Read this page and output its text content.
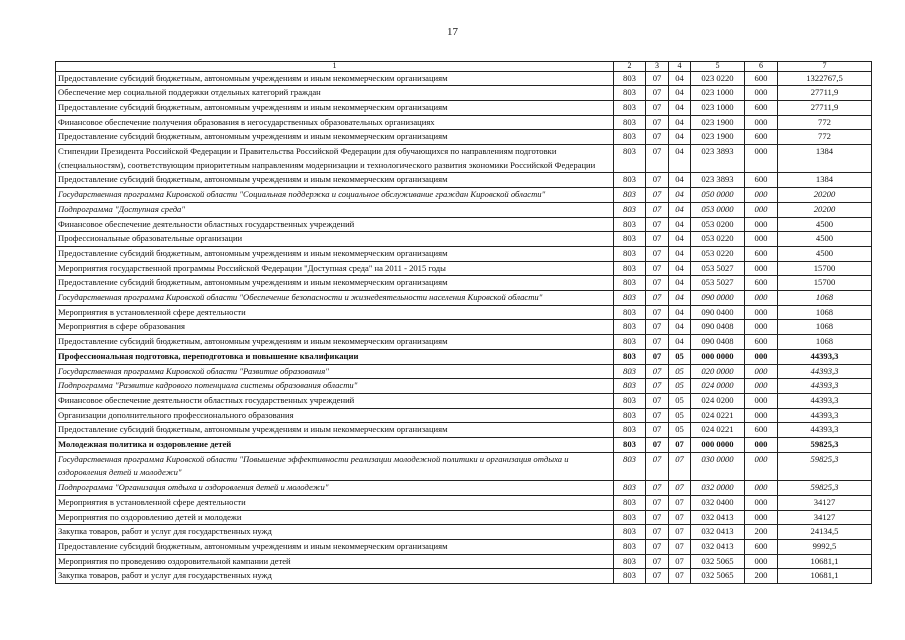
17
1	2	3	4	5	6	7
Предоставление субсидий бюджетным, автономным учреждениям и иным некоммерческим организациям	803	07	04	023 0220	600	1322767,5
Обеспечение мер социальной поддержки отдельных категорий граждан	803	07	04	023 1000	000	27711,9
Предоставление субсидий бюджетным, автономным учреждениям и иным некоммерческим организациям	803	07	04	023 1000	600	27711,9
Финансовое обеспечение получения образования в негосударственных образовательных организациях	803	07	04	023 1900	000	772
Предоставление субсидий бюджетным, автономным учреждениям и иным некоммерческим организациям	803	07	04	023 1900	600	772
Стипендии Президента Российской Федерации и Правительства Российской Федерации для обучающихся по направлениям подготовки (специальностям), соответствующим приоритетным направлениям модернизации и технологического развития экономики Российской Федерации	803	07	04	023 3893	000	1384
Предоставление субсидий бюджетным, автономным учреждениям и иным некоммерческим организациям	803	07	04	023 3893	600	1384
Государственная программа Кировской области "Социальная поддержка и социальное обслуживание граждан Кировской области"	803	07	04	050 0000	000	20200
Подпрограмма "Доступная среда"	803	07	04	053 0000	000	20200
Финансовое обеспечение деятельности областных государственных учреждений	803	07	04	053 0200	000	4500
Профессиональные образовательные организации	803	07	04	053 0220	000	4500
Предоставление субсидий бюджетным, автономным учреждениям и иным некоммерческим организациям	803	07	04	053 0220	600	4500
Мероприятия государственной программы Российской Федерации "Доступная среда" на 2011 - 2015 годы	803	07	04	053 5027	000	15700
Предоставление субсидий бюджетным, автономным учреждениям и иным некоммерческим организациям	803	07	04	053 5027	600	15700
Государственная программа Кировской области "Обеспечение безопасности и жизнедеятельности населения Кировской области"	803	07	04	090 0000	000	1068
Мероприятия в установленной сфере деятельности	803	07	04	090 0400	000	1068
Мероприятия в сфере образования	803	07	04	090 0408	000	1068
Предоставление субсидий бюджетным, автономным учреждениям и иным некоммерческим организациям	803	07	04	090 0408	600	1068
Профессиональная подготовка, переподготовка и повышение квалификации	803	07	05	000 0000	000	44393,3
Государственная программа Кировской области "Развитие образования"	803	07	05	020 0000	000	44393,3
Подпрограмма "Развитие кадрового потенциала системы образования области"	803	07	05	024 0000	000	44393,3
Финансовое обеспечение деятельности областных государственных учреждений	803	07	05	024 0200	000	44393,3
Организации дополнительного профессионального образования	803	07	05	024 0221	000	44393,3
Предоставление субсидий бюджетным, автономным учреждениям и иным некоммерческим организациям	803	07	05	024 0221	600	44393,3
Молодежная политика и оздоровление детей	803	07	07	000 0000	000	59825,3
Государственная программа Кировской области "Повышение эффективности реализации молодежной политики и организация отдыха и оздоровления детей и молодежи"	803	07	07	030 0000	000	59825,3
Подпрограмма "Организация отдыха и оздоровления детей и молодежи"	803	07	07	032 0000	000	59825,3
Мероприятия в установленной сфере деятельности	803	07	07	032 0400	000	34127
Мероприятия по оздоровлению детей и молодежи	803	07	07	032 0413	000	34127
Закупка товаров, работ и услуг для государственных нужд	803	07	07	032 0413	200	24134,5
Предоставление субсидий бюджетным, автономным учреждениям и иным некоммерческим организациям	803	07	07	032 0413	600	9992,5
Мероприятия по проведению оздоровительной кампании детей	803	07	07	032 5065	000	10681,1
Закупка товаров, работ и услуг для государственных нужд	803	07	07	032 5065	200	10681,1
